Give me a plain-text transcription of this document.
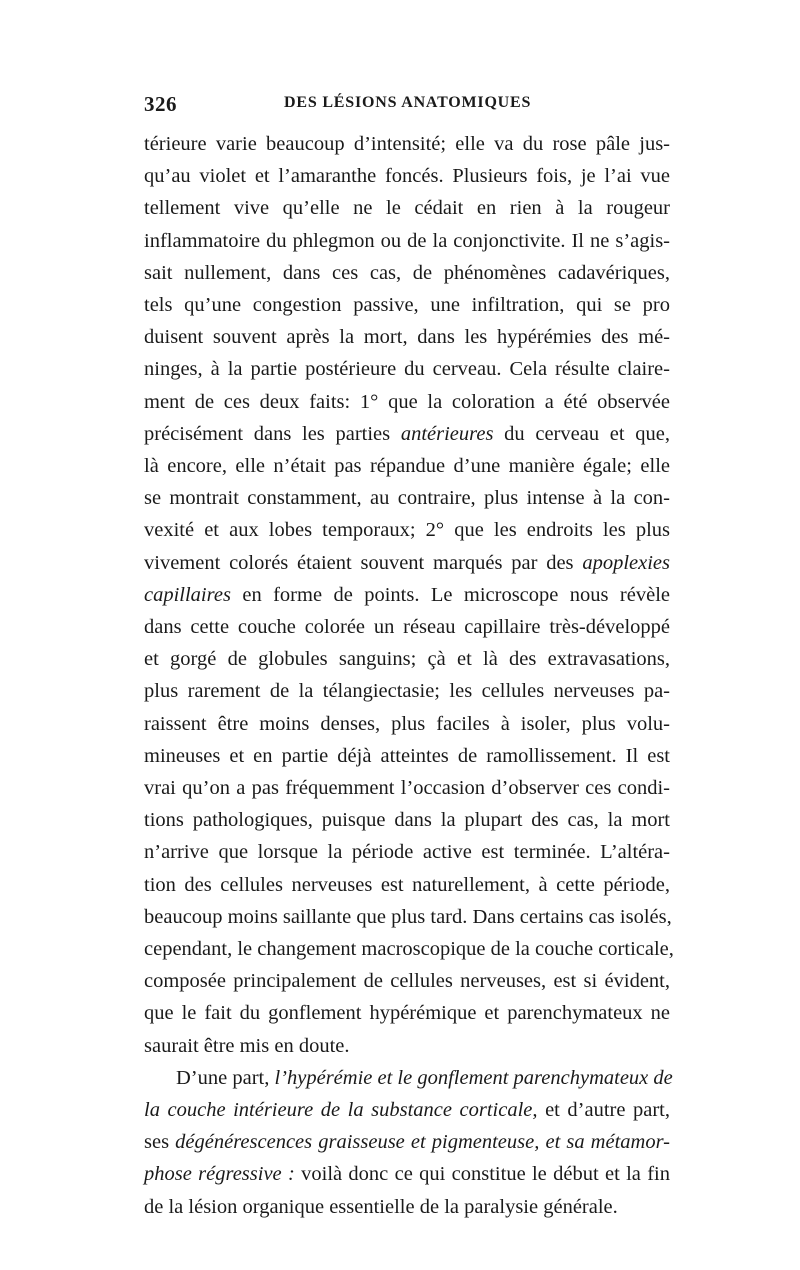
326	DES LÉSIONS ANATOMIQUES
térieure varie beaucoup d’intensité; elle va du rose pâle jus-
qu’au violet et l’amaranthe foncés. Plusieurs fois, je l’ai vue
tellement vive qu’elle ne le cédait en rien à la rougeur
inflammatoire du phlegmon ou de la conjonctivite. Il ne s’agis-
sait nullement, dans ces cas, de phénomènes cadavériques,
tels qu’une congestion passive, une infiltration, qui se pro
duisent souvent après la mort, dans les hypérémies des mé-
ninges, à la partie postérieure du cerveau. Cela résulte claire-
ment de ces deux faits: 1° que la coloration a été observée
précisément dans les parties antérieures du cerveau et que,
là encore, elle n’était pas répandue d’une manière égale; elle
se montrait constamment, au contraire, plus intense à la con-
vexité et aux lobes temporaux; 2° que les endroits les plus
vivement colorés étaient souvent marqués par des apoplexies
capillaires en forme de points. Le microscope nous révèle
dans cette couche colorée un réseau capillaire très-développé
et gorgé de globules sanguins; çà et là des extravasations,
plus rarement de la télangiectasie; les cellules nerveuses pa-
raissent être moins denses, plus faciles à isoler, plus volu-
mineuses et en partie déjà atteintes de ramollissement. Il est
vrai qu’on a pas fréquemment l’occasion d’observer ces condi-
tions pathologiques, puisque dans la plupart des cas, la mort
n’arrive que lorsque la période active est terminée. L’altéra-
tion des cellules nerveuses est naturellement, à cette période,
beaucoup moins saillante que plus tard. Dans certains cas isolés,
cependant, le changement macroscopique de la couche corticale,
composée principalement de cellules nerveuses, est si évident,
que le fait du gonflement hypérémique et parenchymateux ne
saurait être mis en doute.
D’une part, l’hypérémie et le gonflement parenchymateux de
la couche intérieure de la substance corticale, et d’autre part,
ses dégénérescences graisseuse et pigmenteuse, et sa métamor-
phose régressive : voilà donc ce qui constitue le début et la fin
de la lésion organique essentielle de la paralysie générale.
